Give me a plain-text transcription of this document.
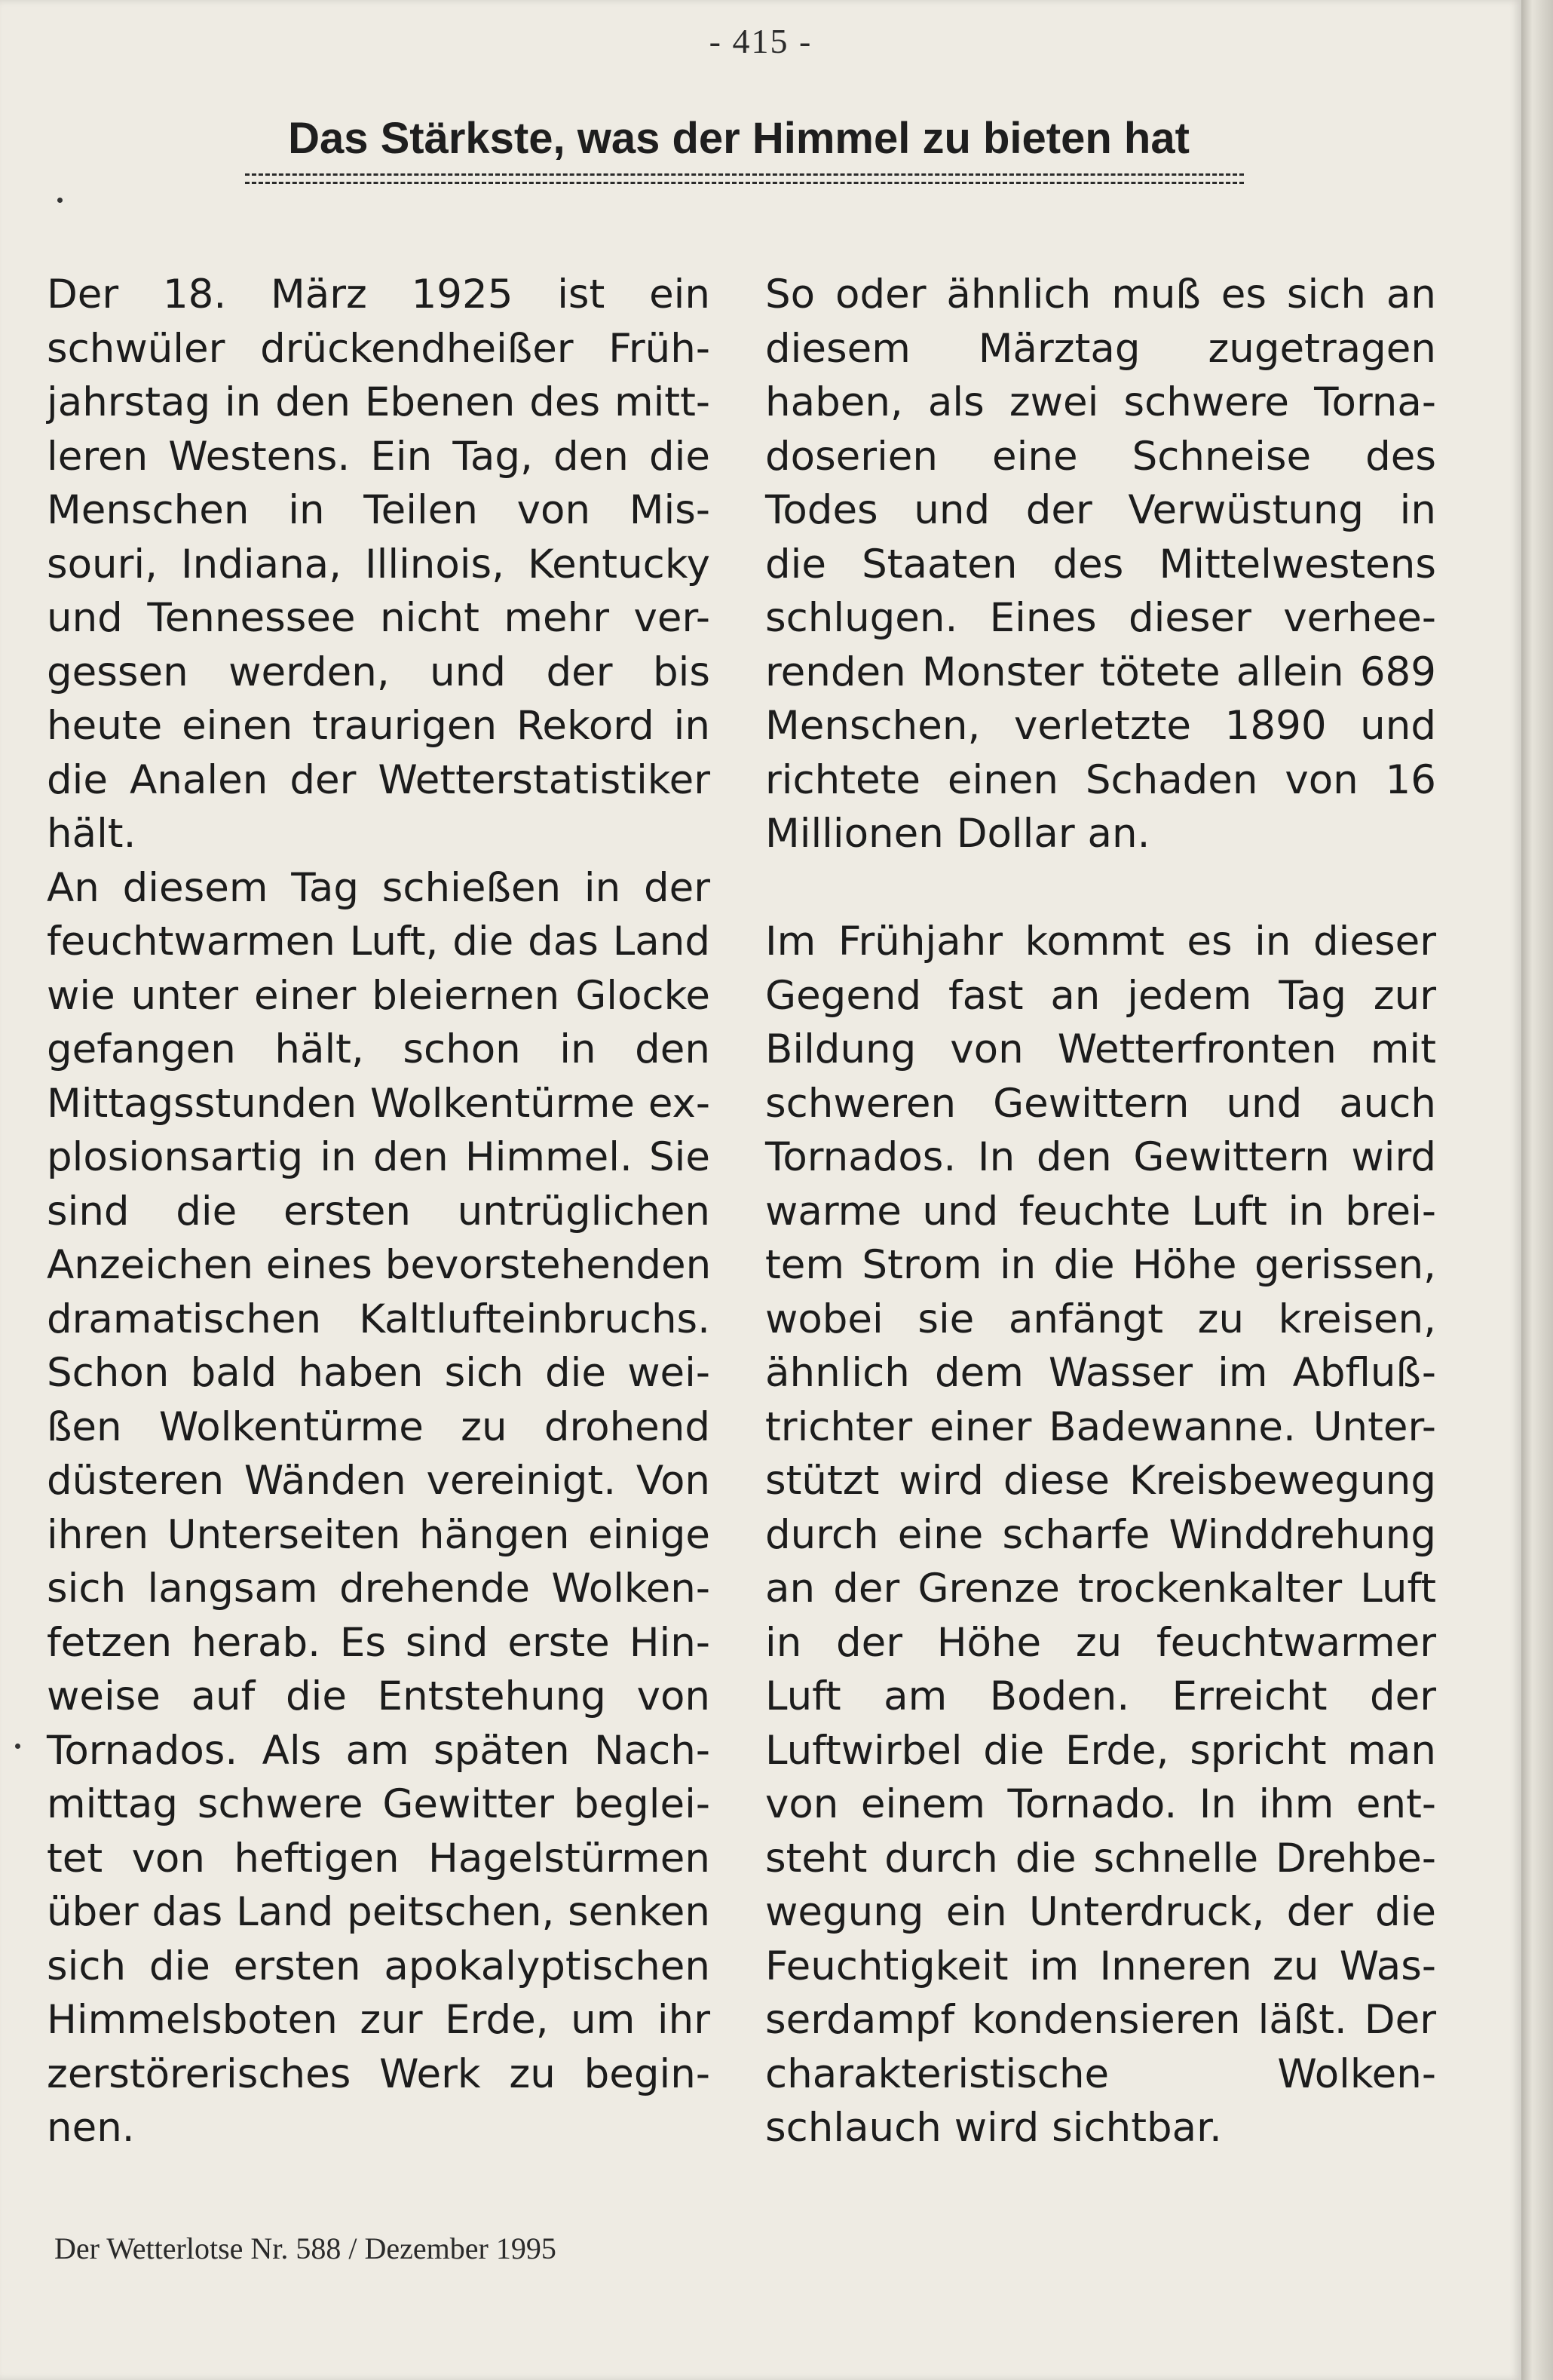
- 415 -
Das Stärkste, was der Himmel zu bieten hat
Der 18. März 1925 ist ein
schwüler drückendheißer Früh-
jahrstag in den Ebenen des mitt-
leren Westens. Ein Tag, den die
Menschen in Teilen von Mis-
souri, Indiana, Illinois, Kentucky
und Tennessee nicht mehr ver-
gessen werden, und der bis
heute einen traurigen Rekord in
die Analen der Wetterstatistiker
hält.
An diesem Tag schießen in der
feuchtwarmen Luft, die das Land
wie unter einer bleiernen Glocke
gefangen hält, schon in den
Mittagsstunden Wolkentürme ex-
plosionsartig in den Himmel. Sie
sind die ersten untrüglichen
Anzeichen eines bevorstehenden
dramatischen Kaltlufteinbruchs.
Schon bald haben sich die wei-
ßen Wolkentürme zu drohend
düsteren Wänden vereinigt. Von
ihren Unterseiten hängen einige
sich langsam drehende Wolken-
fetzen herab. Es sind erste Hin-
weise auf die Entstehung von
Tornados. Als am späten Nach-
mittag schwere Gewitter beglei-
tet von heftigen Hagelstürmen
über das Land peitschen, senken
sich die ersten apokalyptischen
Himmelsboten zur Erde, um ihr
zerstörerisches Werk zu begin-
nen.
So oder ähnlich muß es sich an
diesem Märztag zugetragen
haben, als zwei schwere Torna-
doserien eine Schneise des
Todes und der Verwüstung in
die Staaten des Mittelwestens
schlugen. Eines dieser verhee-
renden Monster tötete allein 689
Menschen, verletzte 1890 und
richtete einen Schaden von 16
Millionen Dollar an.
Im Frühjahr kommt es in dieser
Gegend fast an jedem Tag zur
Bildung von Wetterfronten mit
schweren Gewittern und auch
Tornados. In den Gewittern wird
warme und feuchte Luft in brei-
tem Strom in die Höhe gerissen,
wobei sie anfängt zu kreisen,
ähnlich dem Wasser im Abfluß-
trichter einer Badewanne. Unter-
stützt wird diese Kreisbewegung
durch eine scharfe Winddrehung
an der Grenze trockenkalter Luft
in der Höhe zu feuchtwarmer
Luft am Boden. Erreicht der
Luftwirbel die Erde, spricht man
von einem Tornado. In ihm ent-
steht durch die schnelle Drehbe-
wegung ein Unterdruck, der die
Feuchtigkeit im Inneren zu Was-
serdampf kondensieren läßt. Der
charakteristische Wolken-
schlauch wird sichtbar.
Der Wetterlotse Nr. 588 / Dezember 1995
